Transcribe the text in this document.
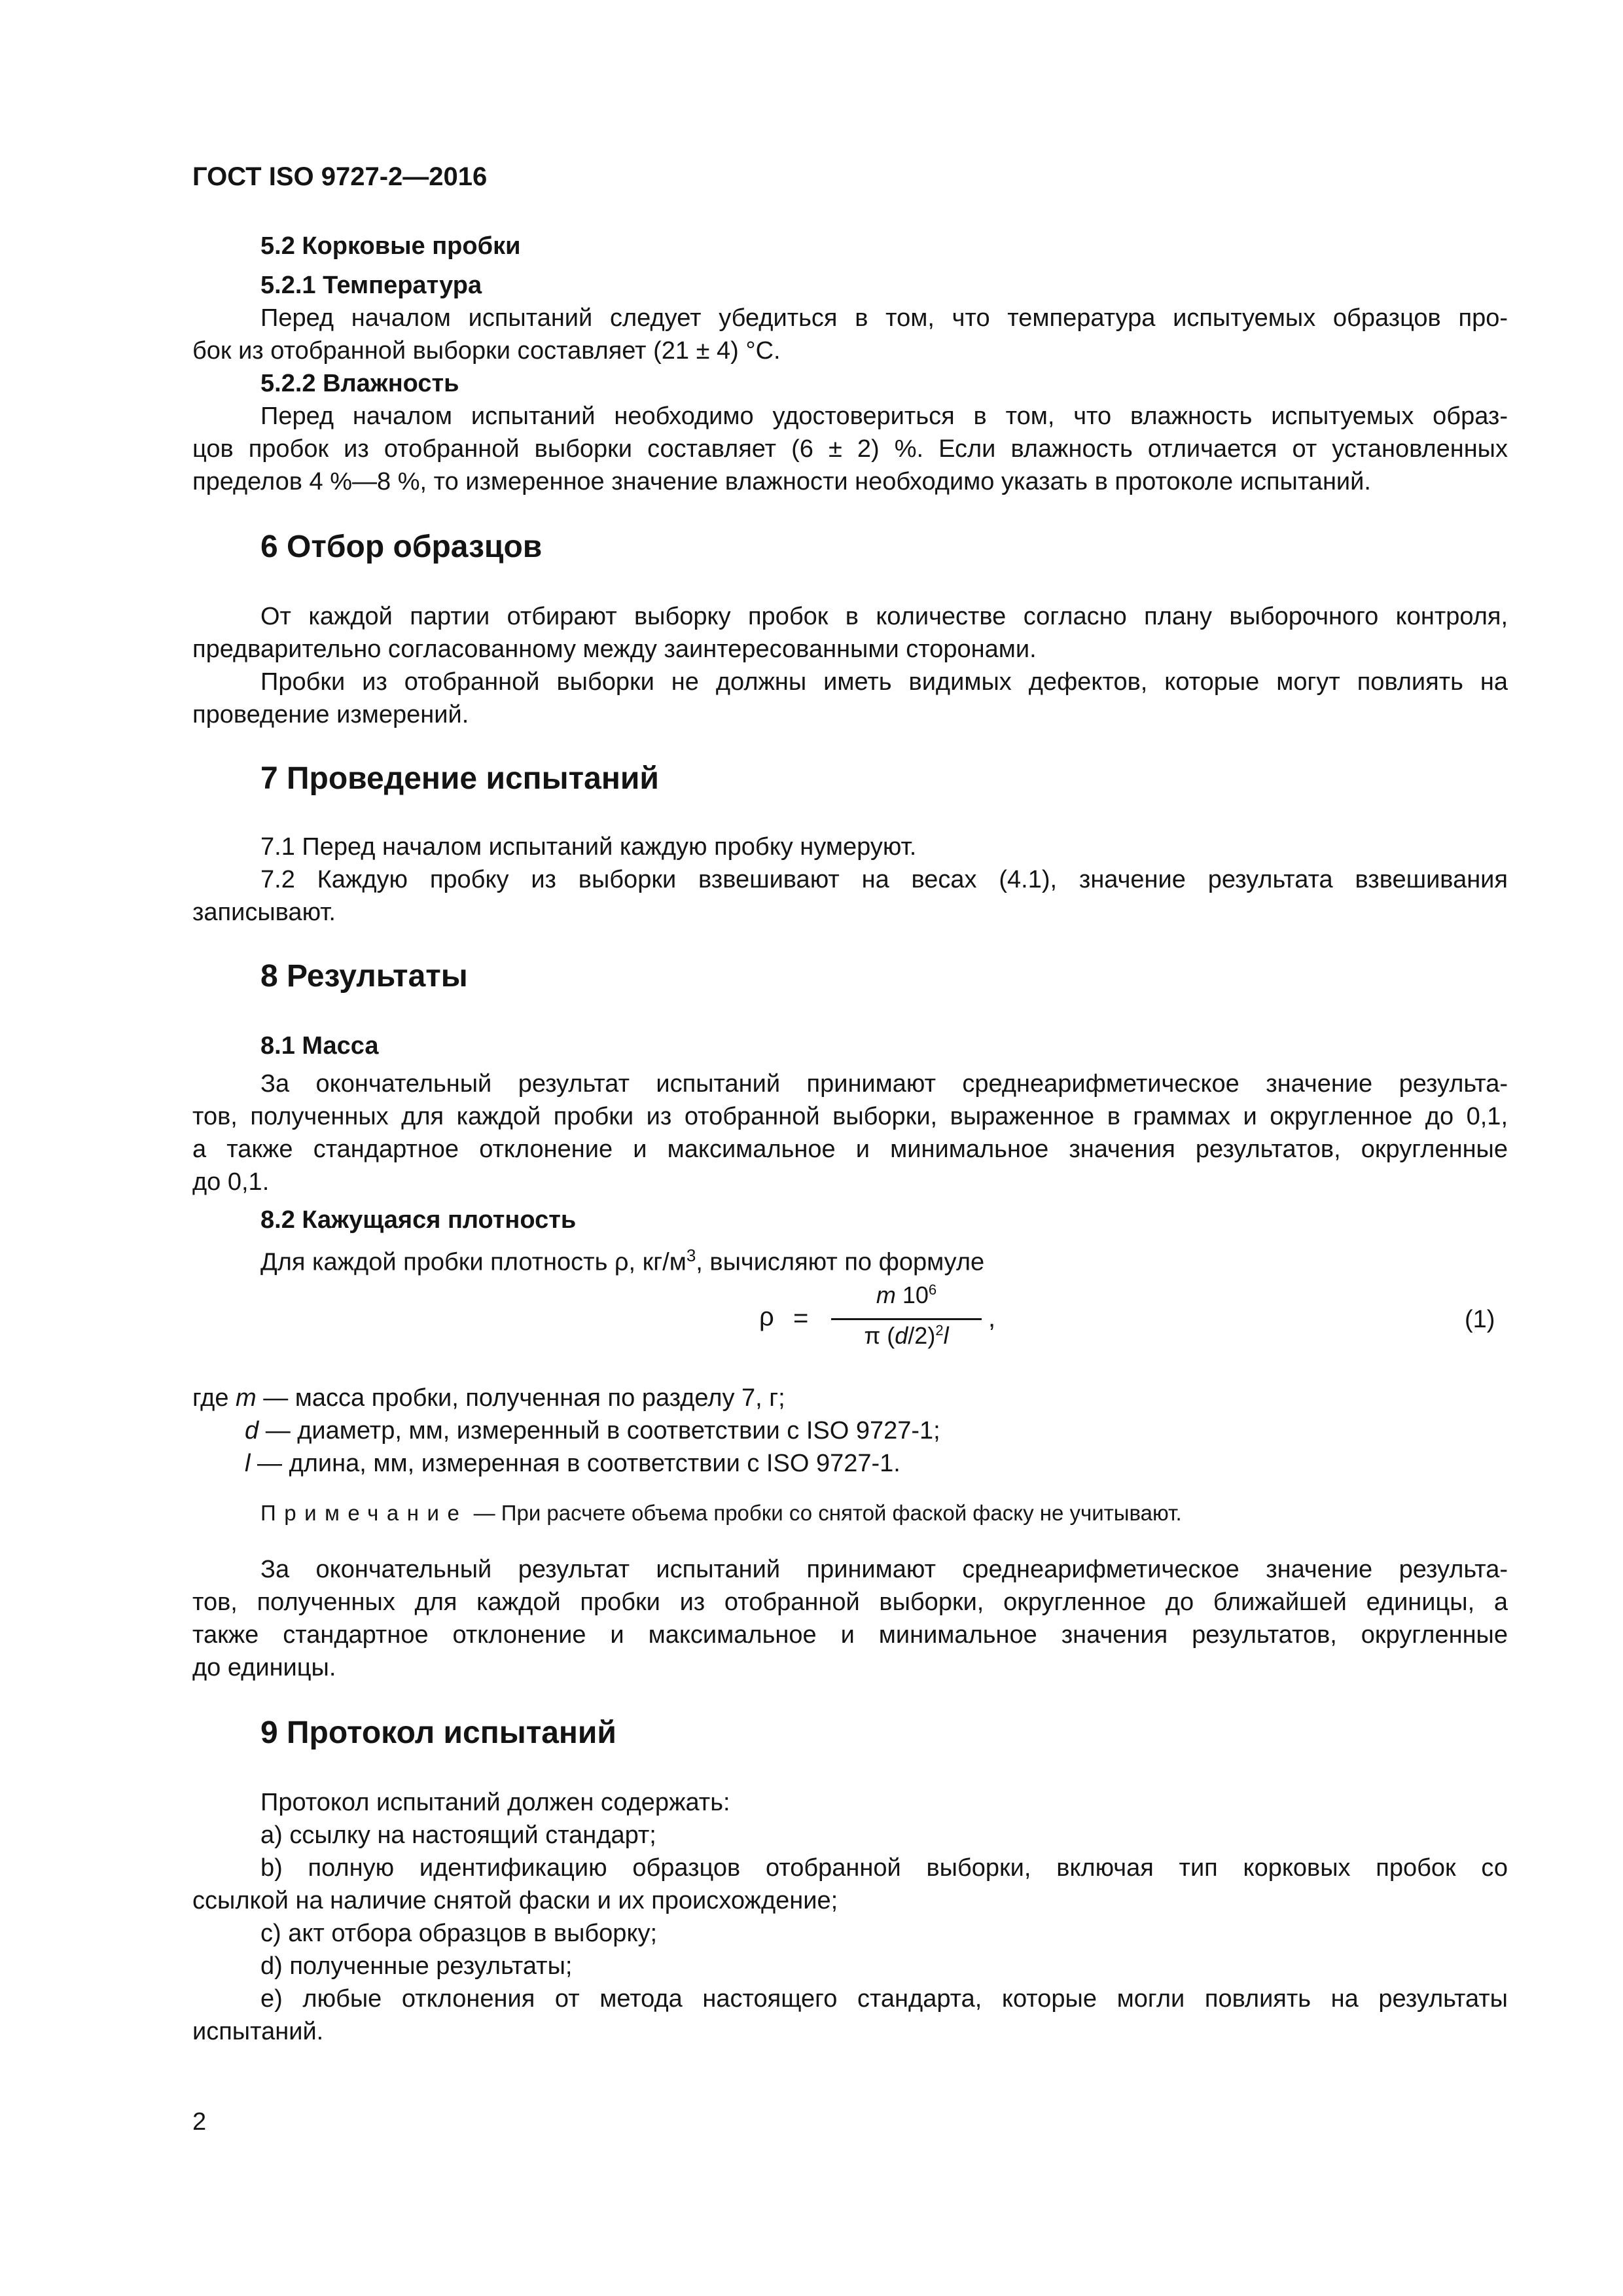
ГОСТ ISO 9727-2—2016
5.2 Корковые пробки
5.2.1 Температура
Перед началом испытаний следует убедиться в том, что температура испытуемых образцов про-
бок из отобранной выборки составляет (21 ± 4) °С.
5.2.2 Влажность
Перед началом испытаний необходимо удостовериться в том, что влажность испытуемых образ-
цов пробок из отобранной выборки составляет (6 ± 2) %. Если влажность отличается от установленных
пределов 4 %—8 %, то измеренное значение влажности необходимо указать в протоколе испытаний.
6 Отбор образцов
От каждой партии отбирают выборку пробок в количестве согласно плану выборочного контроля,
предварительно согласованному между заинтересованными сторонами.
Пробки из отобранной выборки не должны иметь видимых дефектов, которые могут повлиять на
проведение измерений.
7 Проведение испытаний
7.1 Перед началом испытаний каждую пробку нумеруют.
7.2 Каждую пробку из выборки взвешивают на весах (4.1), значение результата взвешивания
записывают.
8 Результаты
8.1 Масса
За окончательный результат испытаний принимают среднеарифметическое значение результа-
тов, полученных для каждой пробки из отобранной выборки, выраженное в граммах и округленное до 0,1,
а также стандартное отклонение и максимальное и минимальное значения результатов, округленные
до 0,1.
8.2 Кажущаяся плотность
Для каждой пробки плотность ρ, $кг/м^3$, вычисляют по формуле
ρ =
m $10^6$
π $(d/2)^2l$
,	(1)
где m — масса пробки, полученная по разделу 7, г;
d — диаметр, мм, измеренный в соответствии с ISO 9727-1;
l — длина, мм, измеренная в соответствии с ISO 9727-1.
Примечание — При расчете объема пробки со снятой фаской фаску не учитывают.
За окончательный результат испытаний принимают среднеарифметическое значение результа-
тов, полученных для каждой пробки из отобранной выборки, округленное до ближайшей единицы, а
также стандартное отклонение и максимальное и минимальное значения результатов, округленные
до единицы.
9 Протокол испытаний
Протокол испытаний должен содержать:
a) ссылку на настоящий стандарт;
b) полную идентификацию образцов отобранной выборки, включая тип корковых пробок со
ссылкой на наличие снятой фаски и их происхождение;
c) акт отбора образцов в выборку;
d) полученные результаты;
e) любые отклонения от метода настоящего стандарта, которые могли повлиять на результаты
испытаний.
2
